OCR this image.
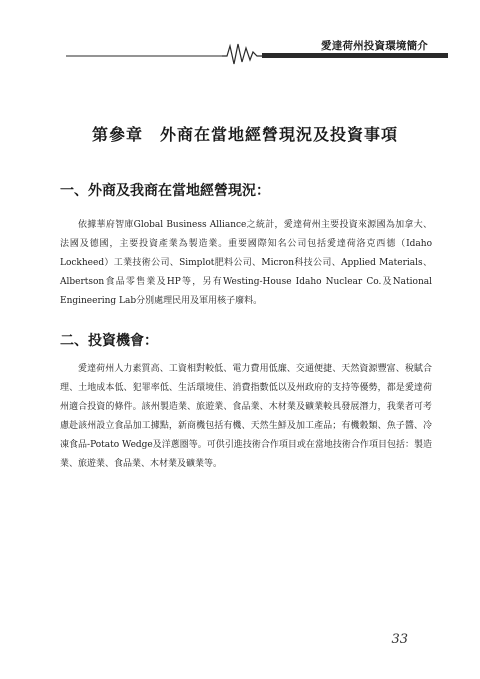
愛達荷州投資環境簡介
第參章　外商在當地經營現況及投資事項
一、外商及我商在當地經營現況：

依據華府智庫Global Business Alliance之統計，愛達荷州主要投資來源國為加拿大、法國及德國，主要投資產業為製造業。重要國際知名公司包括愛達荷洛克西德（Idaho Lockheed）工業技術公司、Simplot肥料公司、Micron科技公司、Applied Materials、Albertson食品零售業及HP等，另有Westing-House Idaho Nuclear Co.及National Engineering Lab分別處理民用及軍用核子廢料。

二、投資機會：

愛達荷州人力素質高、工資相對較低、電力費用低廉、交通便捷、天然資源豐富、稅賦合理、土地成本低、犯罪率低、生活環境佳、消費指數低以及州政府的支持等優勢，都是愛達荷州適合投資的條件。該州製造業、旅遊業、食品業、木材業及礦業較具發展潛力，我業者可考慮赴該州設立食品加工據點，新商機包括有機、天然生鮮及加工產品；有機穀類、魚子醬、冷凍食品-Potato Wedge及洋蔥圈等。可供引進技術合作項目或在當地技術合作項目包括：製造業、旅遊業、食品業、木材業及礦業等。

33
